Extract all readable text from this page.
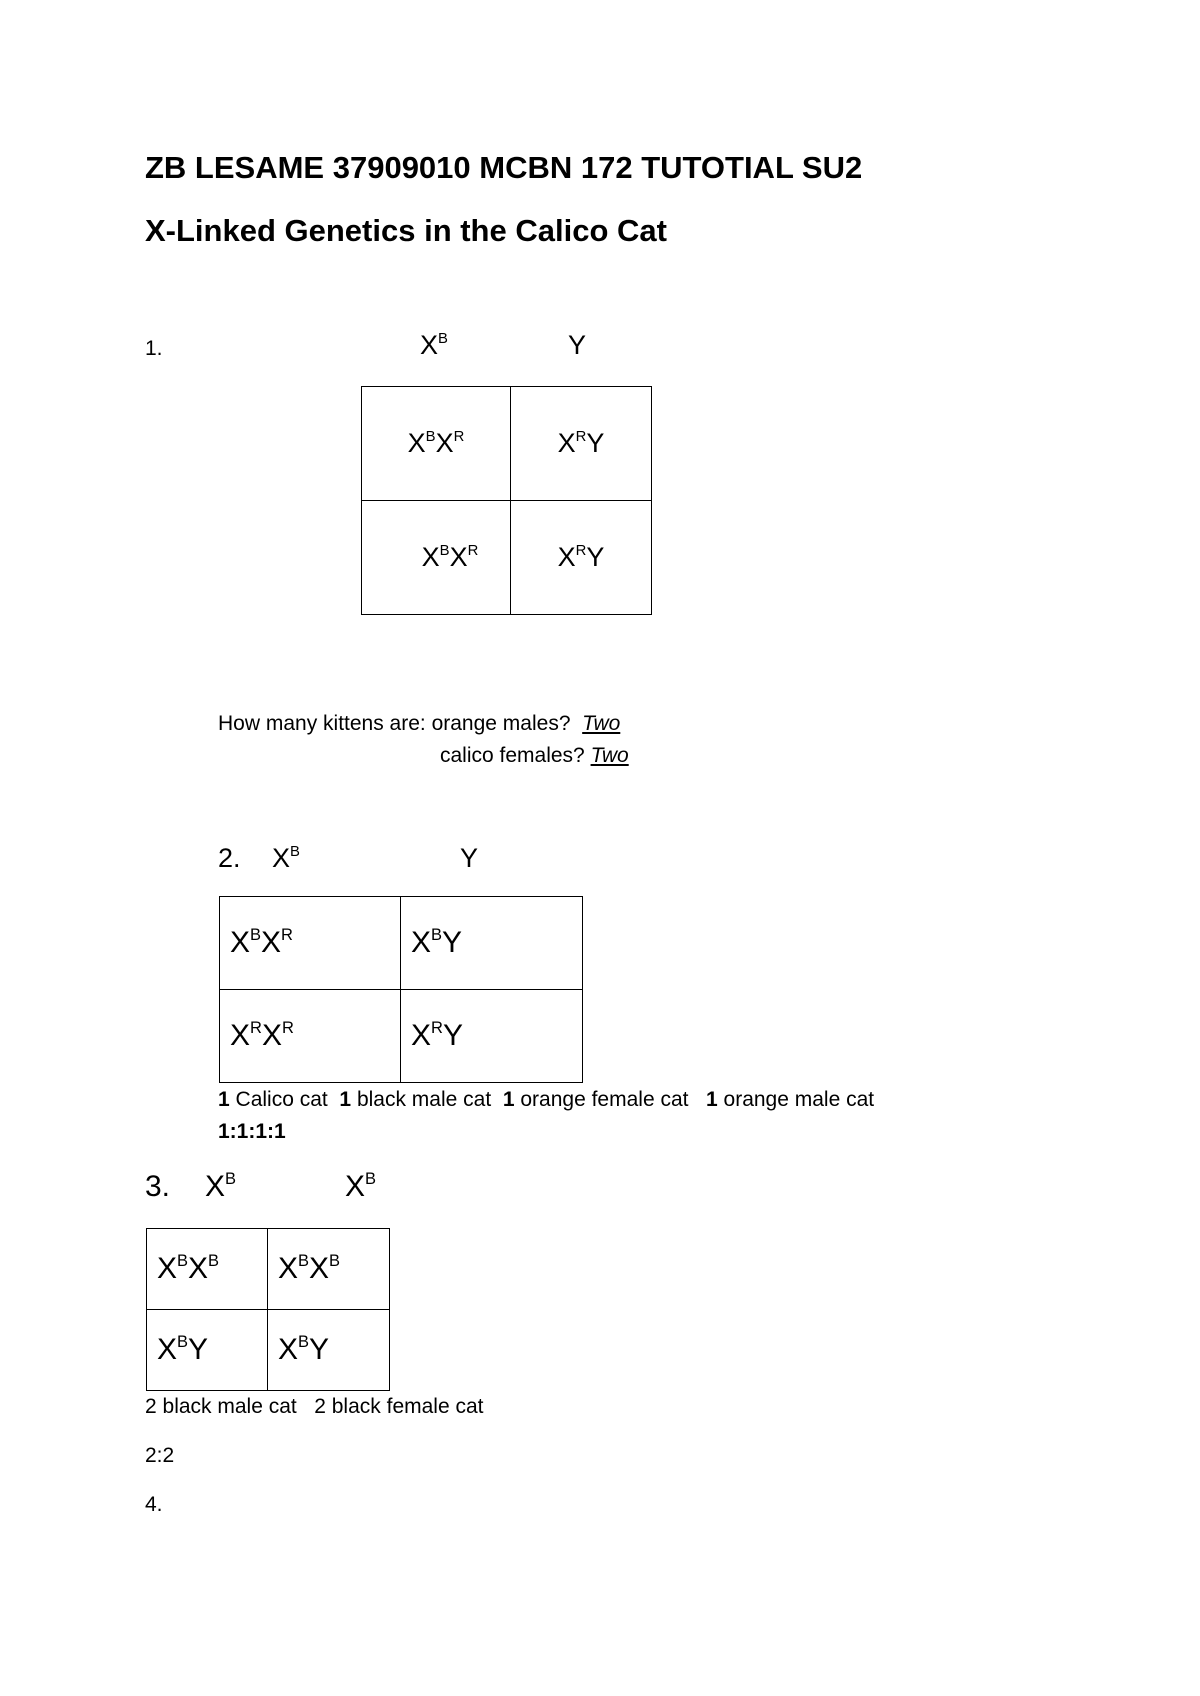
ZB LESAME 37909010 MCBN 172 TUTOTIAL SU2
X-Linked Genetics in the Calico Cat
1.	$X^B$	Y
$X^BX^R$	$X^RY$
$X^BX^R$	$X^RY$
How many kittens are: orange males? Two
calico females? Two
2. $X^B$	Y
$X^BX^R$	$X^BY$
$X^RX^R$	$X^RY$
1 Calico cat 1 black male cat 1 orange female cat 1 orange male cat
1:1:1:1
3. $X^B$	$X^B$
$X^BX^B$	$X^BX^B$
$X^BY$	$X^BY$
2 black male cat   2 black female cat
2:2
4.
